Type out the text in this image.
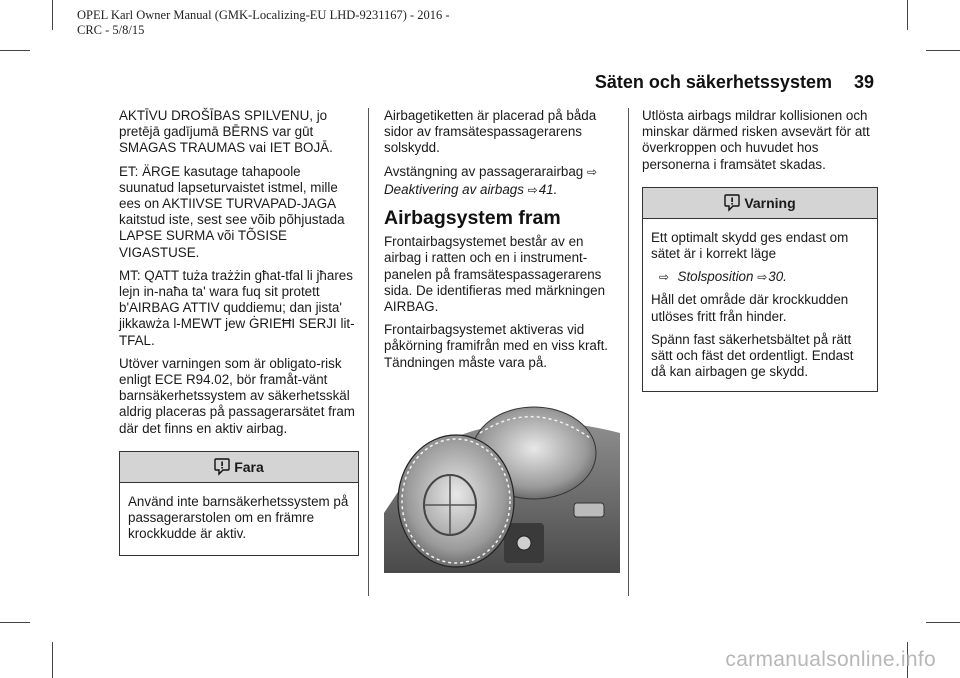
OPEL Karl Owner Manual (GMK-Localizing-EU LHD-9231167) - 2016 -
CRC - 5/8/15
Säten och säkerhetssystem 39

AKTĪVU DROŠĪBAS SPILVENU, jo pretējā gadījumā BĒRNS var gūt SMAGAS TRAUMAS vai IET BOJĀ.

ET: ÄRGE kasutage tahapoole suunatud lapseturvaistet istmel, mille ees on AKTIIVSE TURVAPAD-JAGA kaitstud iste, sest see võib põhjustada LAPSE SURMA või TÕSISE VIGASTUSE.

MT: QATT tuża trażżin għat-tfal li jħares lejn in-naħa ta' wara fuq sit protett b'AIRBAG ATTIV quddiemu; dan jista' jikkawża l-MEWT jew ĠRIEĦI SERJI lit-TFAL.

Utöver varningen som är obligato-risk enligt ECE R94.02, bör framåt-vänt barnsäkerhetssystem av säkerhetsskäl aldrig placeras på passagerarsätet fram där det finns en aktiv airbag.

Fara

Använd inte barnsäkerhetssystem på passagerarstolen om en främre krockkudde är aktiv.

Airbagetiketten är placerad på båda sidor av framsätespassagerarens solskydd.

Avstängning av passagerarairbag ⇨

Deaktivering av airbags ⇨41.

Airbagsystem fram

Frontairbagsystemet består av en airbag i ratten och en i instrument-panelen på framsätespassagerarens sida. De identifieras med märkningen AIRBAG.

Frontairbagsystemet aktiveras vid påkörning framifrån med en viss kraft. Tändningen måste vara på.

Utlösta airbags mildrar kollisionen och minskar därmed risken avsevärt för att överkroppen och huvudet hos personerna i framsätet skadas.

Varning

Ett optimalt skydd ges endast om sätet är i korrekt läge

⇨ Stolsposition ⇨30.

Håll det område där krockkudden utlöses fritt från hinder.

Spänn fast säkerhetsbältet på rätt sätt och fäst det ordentligt. Endast då kan airbagen ge skydd.

carmanualsonline.info
